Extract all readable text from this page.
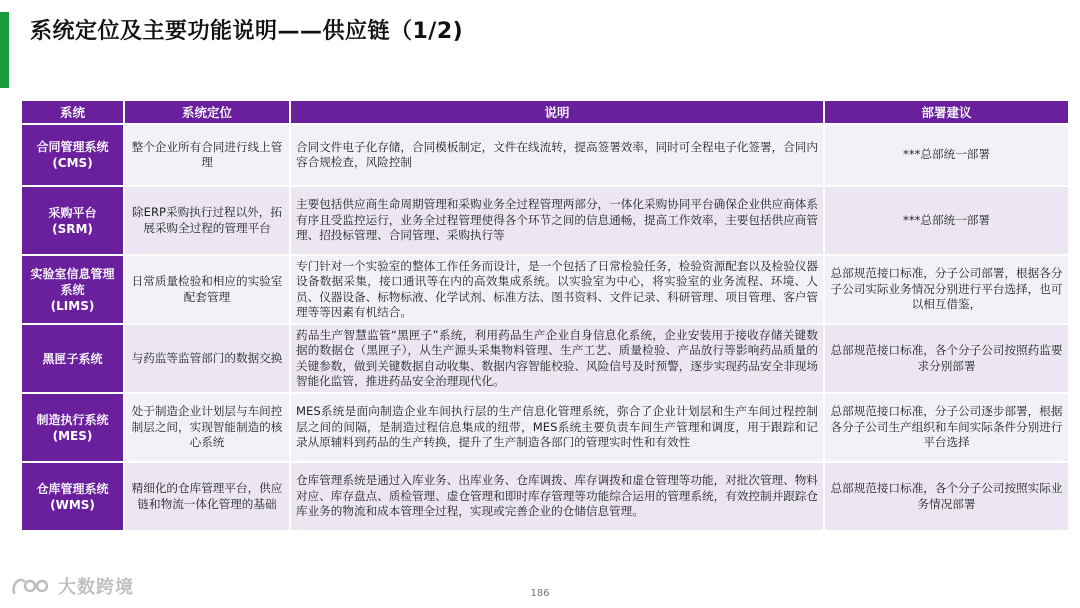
系统定位及主要功能说明——供应链（1/2)
系统	系统定位	说明	部署建议

合同管理系统
(CMS)	整个企业所有合同进行线上管理	合同文件电子化存储，合同模板制定，文件在线流转，提高签署效率，同时可全程电子化签署，合同内容合规检查，风险控制	***总部统一部署

采购平台
(SRM)	除ERP采购执行过程以外，拓展采购全过程的管理平台	主要包括供应商生命周期管理和采购业务全过程管理两部分，一体化采购协同平台确保企业供应商体系有序且受监控运行，业务全过程管理使得各个环节之间的信息通畅，提高工作效率，主要包括供应商管理、招投标管理、合同管理、采购执行等	***总部统一部署

实验室信息管理系统
(LIMS)	日常质量检验和相应的实验室配套管理	专门针对一个实验室的整体工作任务而设计，是一个包括了日常检验任务，检验资源配套以及检验仪器设备数据采集，接口通讯等在内的高效集成系统。以实验室为中心，将实验室的业务流程、环境、人员、仪器设备、标物标液、化学试剂、标准方法、图书资料、文件记录、科研管理、项目管理、客户管理等等因素有机结合。	总部规范接口标准，分子公司部署，根据各分子公司实际业务情况分别进行平台选择，也可以相互借鉴，

黑匣子系统	与药监等监管部门的数据交换	药品生产智慧监管“黑匣子”系统，利用药品生产企业自身信息化系统，企业安装用于接收存储关键数据的数据仓（黑匣子），从生产源头采集物料管理、生产工艺、质量检验、产品放行等影响药品质量的关键参数，做到关键数据自动收集、数据内容智能校验、风险信号及时预警，逐步实现药品安全非现场智能化监管，推进药品安全治理现代化。	总部规范接口标准，各个分子公司按照药监要求分别部署

制造执行系统
(MES)	处于制造企业计划层与车间控制层之间，实现智能制造的核心系统	MES系统是面向制造企业车间执行层的生产信息化管理系统，弥合了企业计划层和生产车间过程控制层之间的间隔，是制造过程信息集成的纽带，MES系统主要负责车间生产管理和调度，用于跟踪和记录从原辅料到药品的生产转换，提升了生产制造各部门的管理实时性和有效性	总部规范接口标准，分子公司逐步部署，根据各分子公司生产组织和车间实际条件分别进行平台选择

仓库管理系统
(WMS)	精细化的仓库管理平台，供应链和物流一体化管理的基础	仓库管理系统是通过入库业务、出库业务、仓库调拨、库存调拨和虚仓管理等功能，对批次管理、物料对应、库存盘点、质检管理、虚仓管理和即时库存管理等功能综合运用的管理系统，有效控制并跟踪仓库业务的物流和成本管理全过程，实现或完善企业的仓储信息管理。	总部规范接口标准，各个分子公司按照实际业务情况部署
大数跨境	186
